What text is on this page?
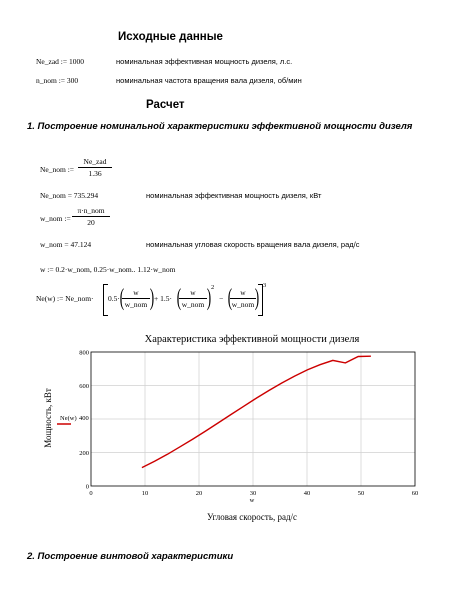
Исходные данные
Ne_zad := 1000	номинальная эффективная мощность дизеля, л.с.
n_nom := 300	номинальная частота вращения вала дизеля, об/мин
Расчет
1. Построение номинальной характеристики эффективной мощности дизеля
Ne_nom :=
Ne_zad
1.36
Ne_nom = 735.294	номинальная эффективная мощность дизеля, кВт
w_nom :=
π·n_nom
20
w_nom = 47.124	номинальная угловая скорость вращения вала дизеля, рад/с
w := 0.2·w_nom, 0.25·w_nom.. 1.12·w_nom
Ne(w) := Ne_nom· 0.5· (	w
w_nom ) + 1.5· (	w
w_nom ) 2
− (	w
w_nom ) 3
Характеристика эффективной мощности дизеля
Угловая скорость, рад/с
w
Мощность, кВт Ne(w) 400
0	10	20	30	40	50	60
0
200
600
800
2. Построение винтовой характеристики
